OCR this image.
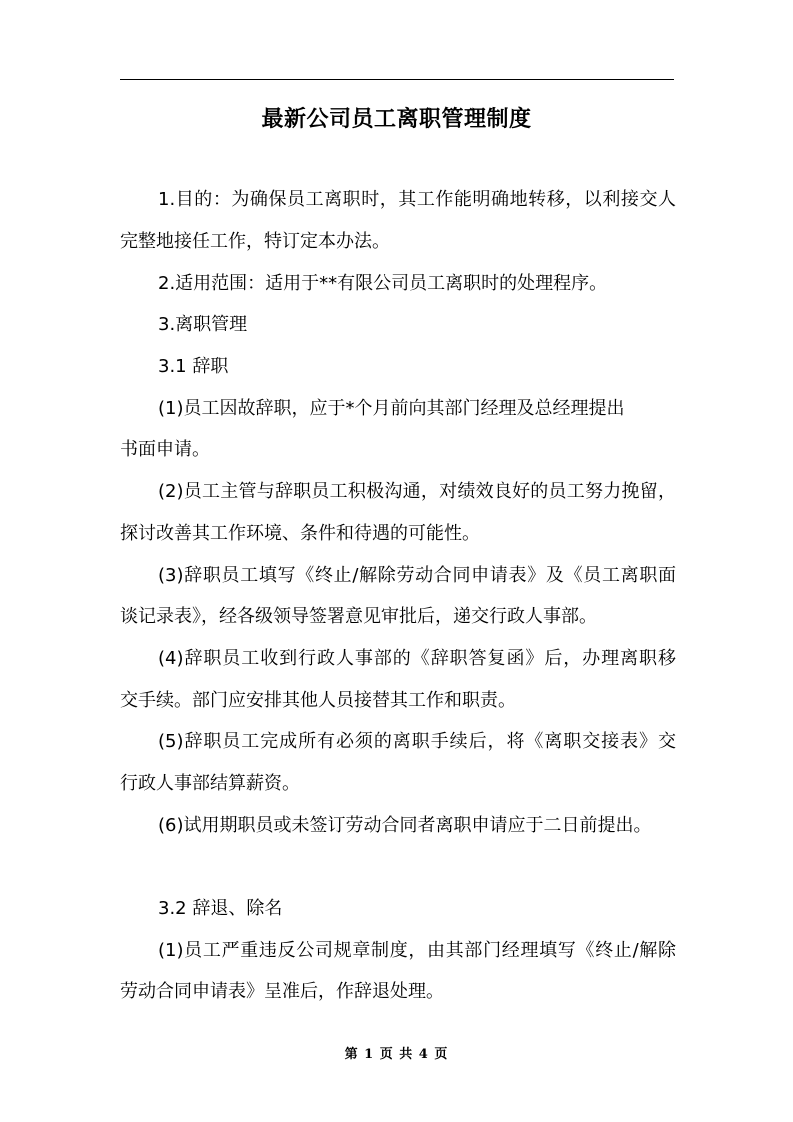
最新公司员工离职管理制度
1.目的：为确保员工离职时，其工作能明确地转移，以利接交人
完整地接任工作，特订定本办法。
2.适用范围：适用于**有限公司员工离职时的处理程序。
3.离职管理
3.1 辞职
(1)员工因故辞职，应于*个月前向其部门经理及总经理提出
书面申请。
(2)员工主管与辞职员工积极沟通，对绩效良好的员工努力挽留，
探讨改善其工作环境、条件和待遇的可能性。
(3)辞职员工填写《终止/解除劳动合同申请表》及《员工离职面
谈记录表》，经各级领导签署意见审批后，递交行政人事部。
(4)辞职员工收到行政人事部的《辞职答复函》后，办理离职移
交手续。部门应安排其他人员接替其工作和职责。
(5)辞职员工完成所有必须的离职手续后，将《离职交接表》交
行政人事部结算薪资。
(6)试用期职员或未签订劳动合同者离职申请应于二日前提出。
3.2 辞退、除名
(1)员工严重违反公司规章制度，由其部门经理填写《终止/解除
劳动合同申请表》呈准后，作辞退处理。
第 1 页 共 4 页
